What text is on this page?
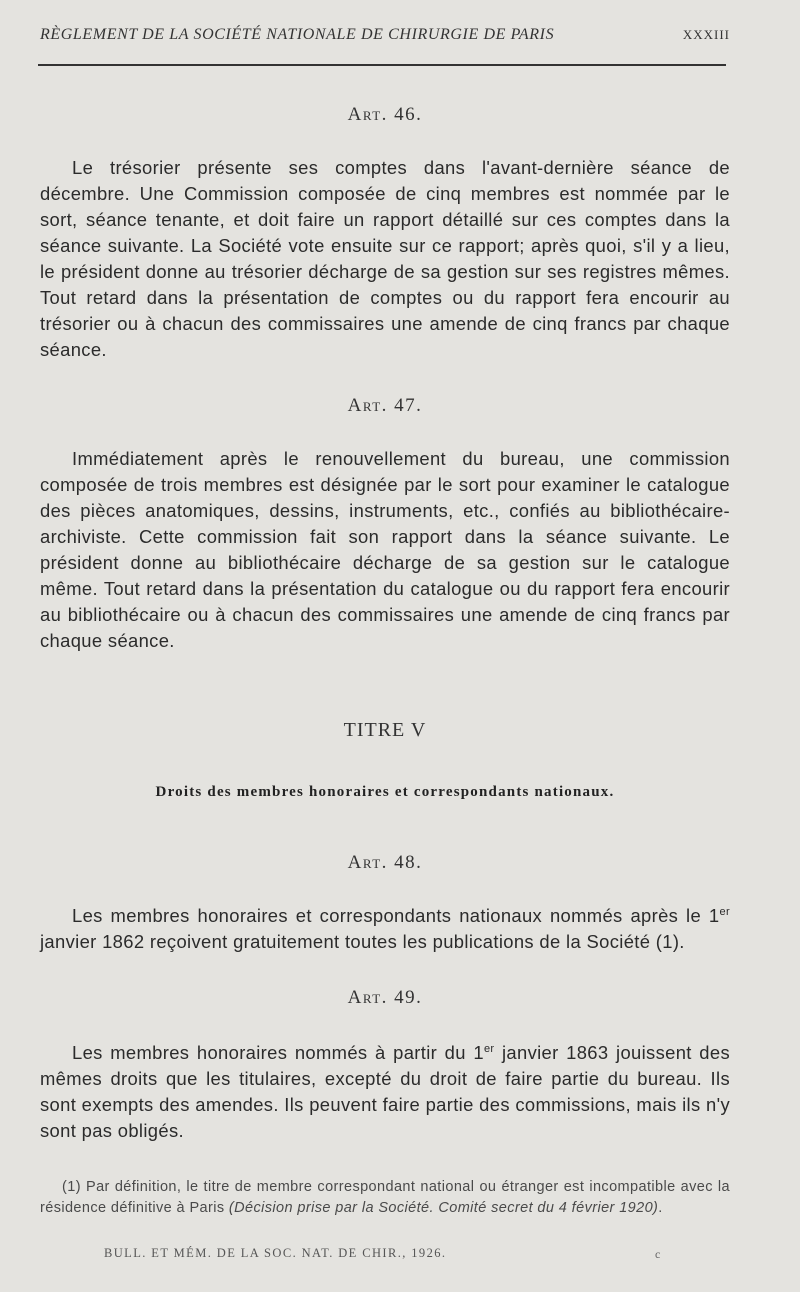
RÈGLEMENT DE LA SOCIÉTÉ NATIONALE DE CHIRURGIE DE PARIS	XXXIII
Art. 46.

Le trésorier présente ses comptes dans l'avant-dernière séance de décembre. Une Commission composée de cinq membres est nommée par le sort, séance tenante, et doit faire un rapport détaillé sur ces comptes dans la séance suivante. La Société vote ensuite sur ce rapport; après quoi, s'il y a lieu, le président donne au trésorier décharge de sa gestion sur ses registres mêmes. Tout retard dans la présentation de comptes ou du rapport fera encourir au trésorier ou à chacun des commissaires une amende de cinq francs par chaque séance.

Art. 47.

Immédiatement après le renouvellement du bureau, une commission composée de trois membres est désignée par le sort pour examiner le catalogue des pièces anatomiques, dessins, instruments, etc., confiés au bibliothécaire-archiviste. Cette commission fait son rapport dans la séance suivante. Le président donne au bibliothécaire décharge de sa gestion sur le catalogue même. Tout retard dans la présentation du catalogue ou du rapport fera encourir au bibliothécaire ou à chacun des commissaires une amende de cinq francs par chaque séance.

TITRE V
Droits des membres honoraires et correspondants nationaux.
Art. 48.

Les membres honoraires et correspondants nationaux nommés après le 1er janvier 1862 reçoivent gratuitement toutes les publications de la Société (1).

Art. 49.

Les membres honoraires nommés à partir du 1er janvier 1863 jouissent des mêmes droits que les titulaires, excepté du droit de faire partie du bureau. Ils sont exempts des amendes. Ils peuvent faire partie des commissions, mais ils n'y sont pas obligés.

(1) Par définition, le titre de membre correspondant national ou étranger est incompatible avec la résidence définitive à Paris (Décision prise par la Société. Comité secret du 4 février 1920).

BULL. ET MÉM. DE LA SOC. NAT. DE CHIR., 1926.	c
